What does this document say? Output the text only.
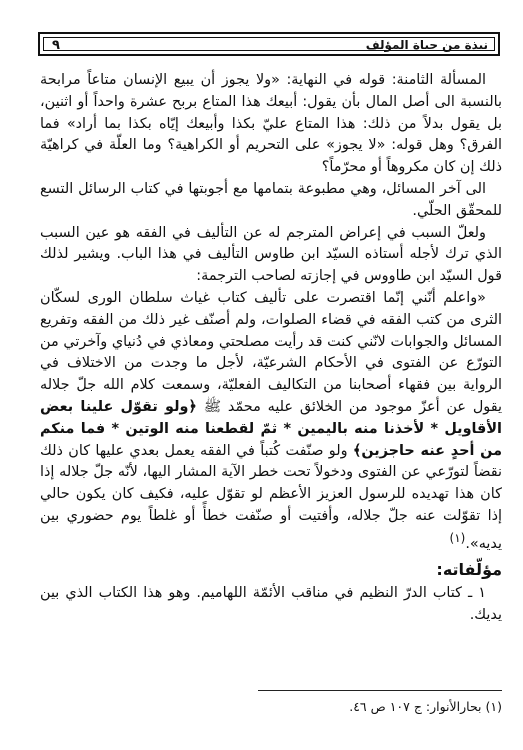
نبذة من حياة المؤلف
٩

المسألة الثامنة: قوله في النهاية: «ولا يجوز أن يبيع الإنسان متاعاً مرابحة بالنسبة الى أصل المال بأن يقول: أبيعك هذا المتاع بربح عشرة واحداً أو اثنين، بل يقول بدلاً من ذلك: هذا المتاع عليّ بكذا وأبيعك إيّاه بكذا بما أراد» فما الفرق؟ وهل قوله: «لا يجوز» على التحريم أو الكراهية؟ وما العلّة في كراهيّة ذلك إن كان مكروهاً أو محرّماً؟

الى آخر المسائل، وهي مطبوعة بتمامها مع أجوبتها في كتاب الرسائل التسع للمحقّق الحلّي.

ولعلّ السبب في إعراض المترجم له عن التأليف في الفقه هو عين السبب الذي ترك لأجله أستاذه السيّد ابن طاوس التأليف في هذا الباب. ويشير لذلك قول السيّد ابن طاووس في إجازته لصاحب الترجمة:

«واعلم أنّني إنّما اقتصرت على تأليف كتاب غياث سلطان الورى لسكّان الثرى من كتب الفقه في قضاء الصلوات، ولم أصنّف غير ذلك من الفقه وتفريع المسائل والجوابات لانّني كنت قد رأيت مصلحتي ومعاذي في دُنياي وآخرتي من التورّع عن الفتوى في الأحكام الشرعيّة، لأجل ما وجدت من الاختلاف في الرواية بين فقهاء أصحابنا من التكاليف الفعليّة، وسمعت كلام الله جلّ جلاله يقول عن أعزّ موجود من الخلائق عليه محمّد ﷺ ﴿ولو تقوّل علينا بعض الأقاويل * لأخذنا منه باليمين * ثمّ لقطعنا منه الوتين * فما منكم من أحدٍ عنه حاجزين﴾ ولو صنّفت كُتباً في الفقه يعمل بعدي عليها كان ذلك نقضاً لتورّعي عن الفتوى ودخولاً تحت خطر الآية المشار اليها، لأنّه جلّ جلاله إذا كان هذا تهديده للرسول العزيز الأعظم لو تقوّل عليه، فكيف كان يكون حالي إذا تقوّلت عنه جلّ جلاله، وأفتيت أو صنّفت خطأً أو غلطاً يوم حضوري بين يديه».$^{(١)}$

مؤلّفاته:

١ ـ كتاب الدرّ النظيم في مناقب الأئمّة اللهاميم. وهو هذا الكتاب الذي بين يديك.

(١) بحارالأنوار: ج ١٠٧ ص ٤٦.
